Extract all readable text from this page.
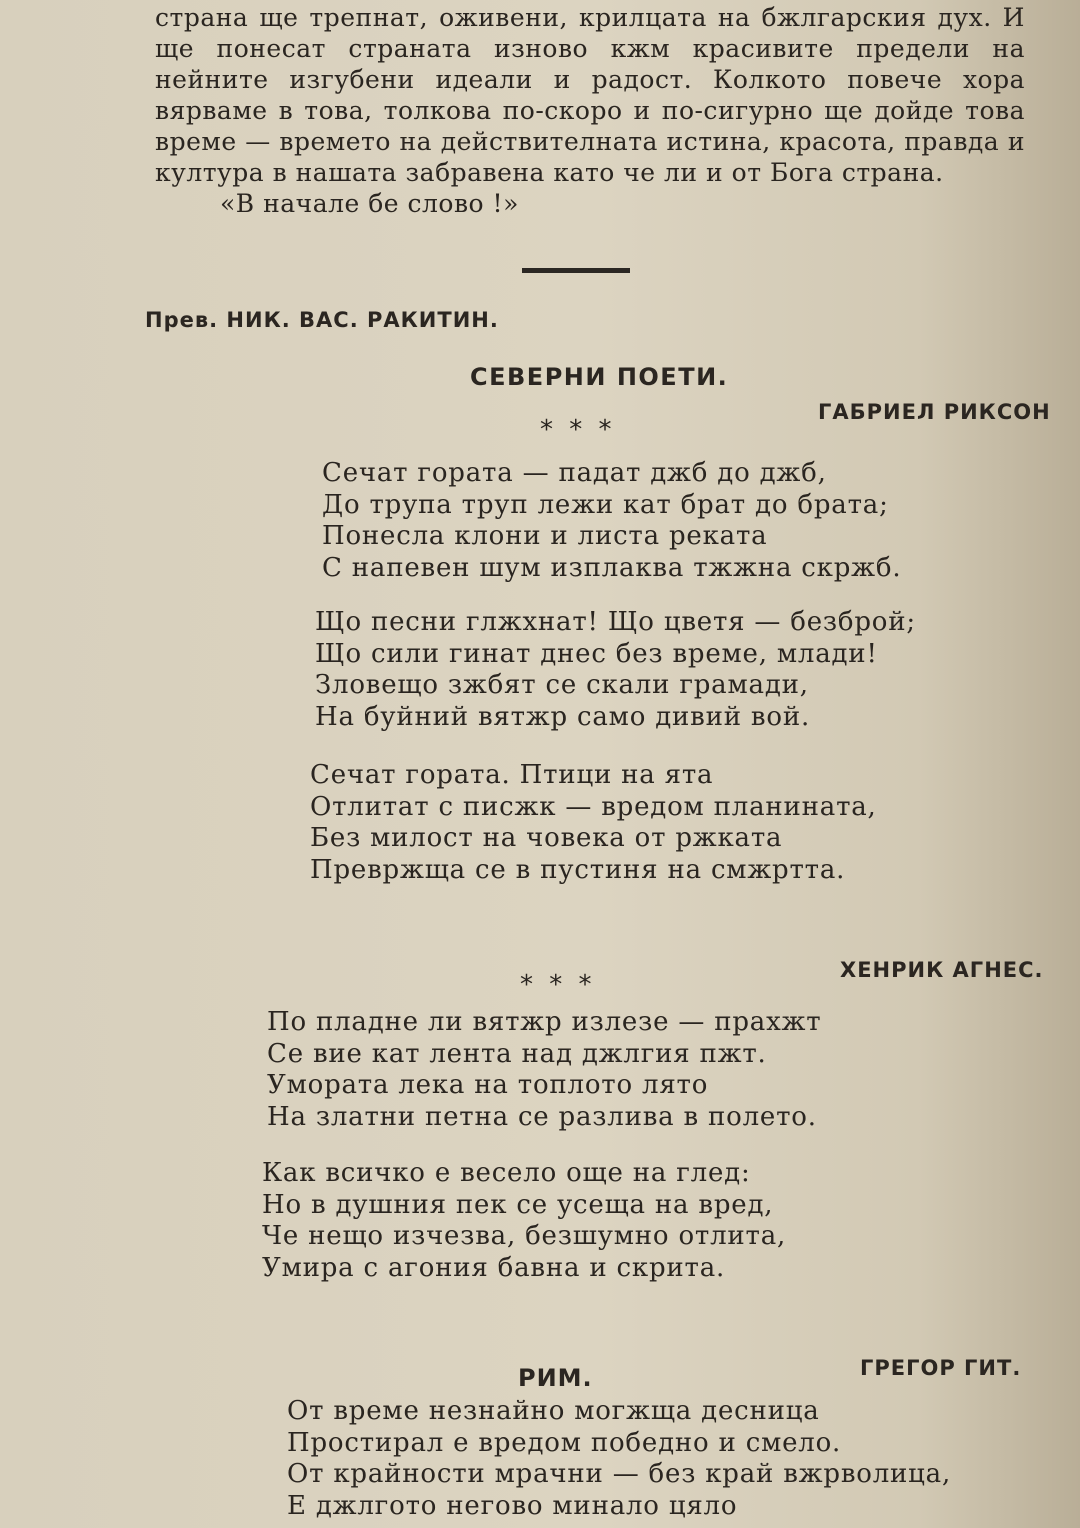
страна ще трепнат, оживени, крилцата на бжлгарския дух. И ще понесат страната изново кжм красивите предели на нейните изгубени идеали и радост. Колкото повече хора вярваме в това, толкова по-скоро и по-сигурно ще дойде това време — времето на действителната истина, красота, правда и култура в нашата забравена като че ли и от Бога страна.

«В начале бе слово !»

Прев. НИК. ВАС. РАКИТИН.
СЕВЕРНИ ПОЕТИ.
ГАБРИЕЛ РИКСОН
* * *
Сечат гората — падат джб до джб,
До трупа труп лежи кат брат до брата;
Понесла клони и листа реката
С напевен шум изплаква тжжна скржб.
Що песни глжхнат! Що цветя — безброй;
Що сили гинат днес без време, млади!
Зловещо зжбят се скали грамади,
На буйний вятжр само дивий вой.
Сечат гората. Птици на ята
Отлитат с писжк — вредом планината,
Без милост на човека от ржката
Превржща се в пустиня на смжртта.
ХЕНРИК АГНЕС.
* * *
По пладне ли вятжр излезе — прахжт
Се вие кат лента над джлгия пжт.
Умората лека на топлото лято
На златни петна се разлива в полето.
Как всичко е весело още на глед:
Но в душния пек се усеща на вред,
Че нещо изчезва, безшумно отлита,
Умира с агония бавна и скрита.
РИМ.	ГРЕГОР ГИТ.
От време незнайно могжща десница
Простирал е вредом победно и смело.
От крайности мрачни — без край вжрволица,
Е джлгото негово минало цяло
